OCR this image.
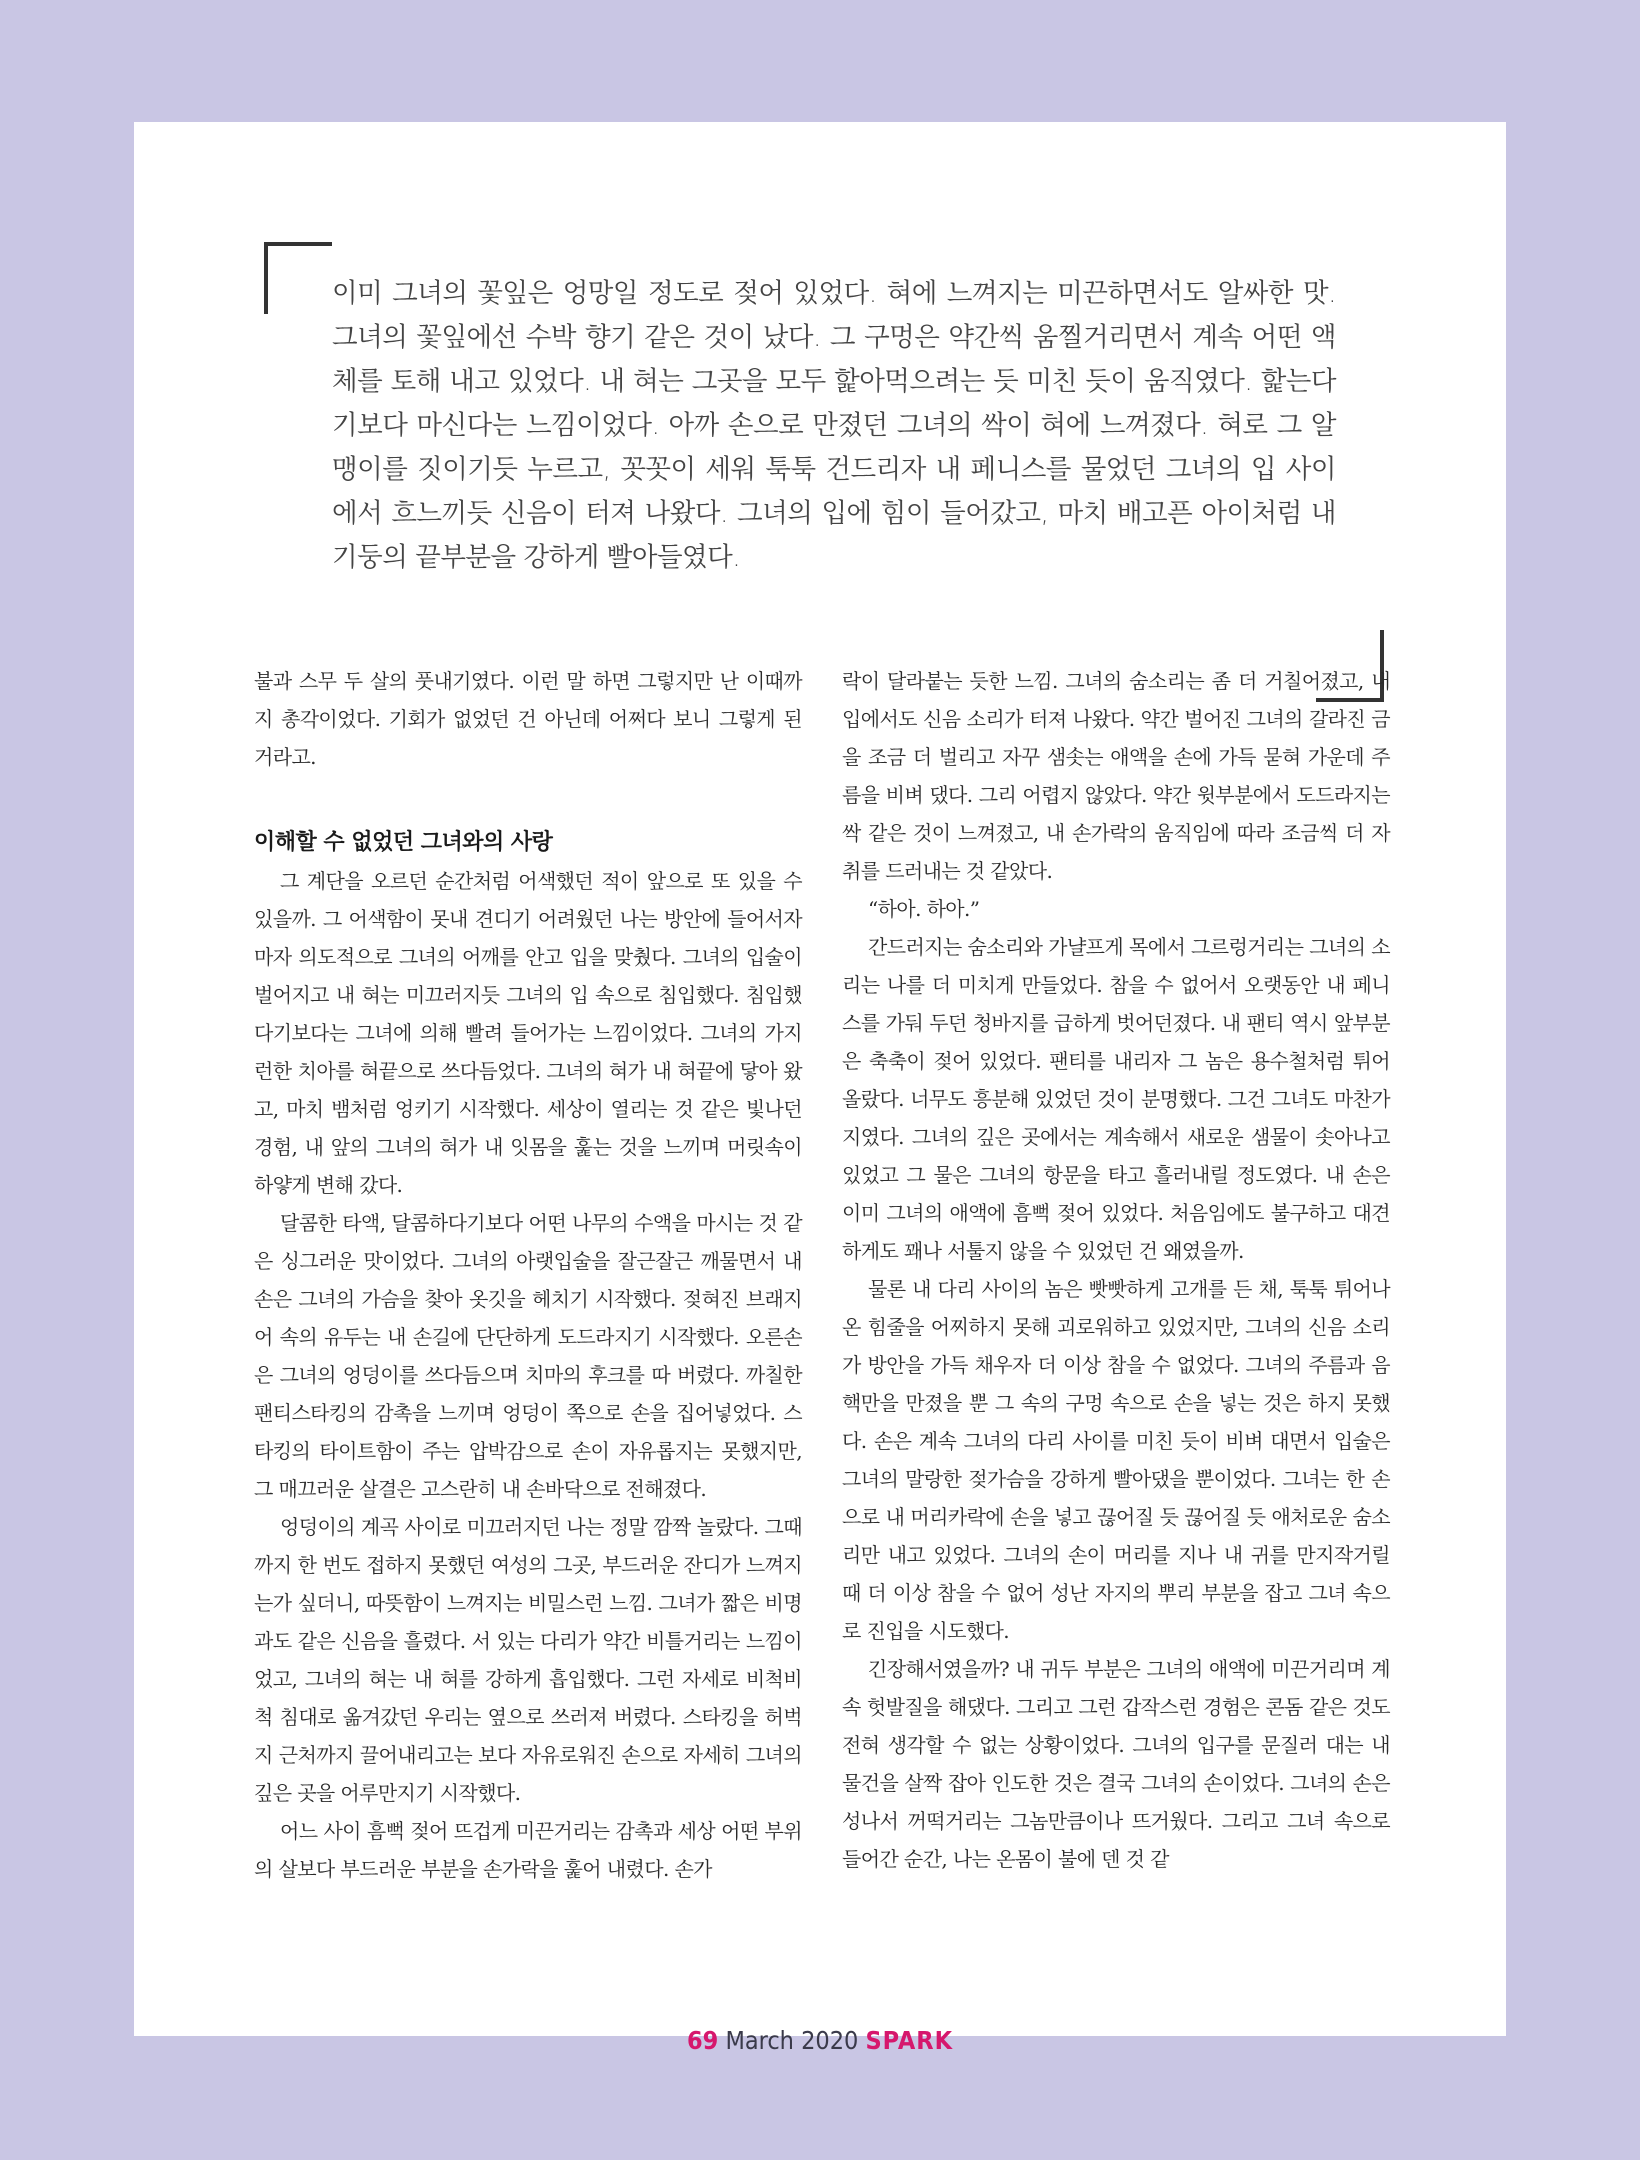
이미 그녀의 꽃잎은 엉망일 정도로 젖어 있었다. 혀에 느껴지는 미끈하면서도 알싸한 맛. 그녀의 꽃잎에선 수박 향기 같은 것이 났다. 그 구멍은 약간씩 움찔거리면서 계속 어떤 액체를 토해 내고 있었다. 내 혀는 그곳을 모두 핥아먹으려는 듯 미친 듯이 움직였다. 핥는다기보다 마신다는 느낌이었다. 아까 손으로 만졌던 그녀의 싹이 혀에 느껴졌다. 혀로 그 알맹이를 짓이기듯 누르고, 꼿꼿이 세워 툭툭 건드리자 내 페니스를 물었던 그녀의 입 사이에서 흐느끼듯 신음이 터져 나왔다. 그녀의 입에 힘이 들어갔고, 마치 배고픈 아이처럼 내 기둥의 끝부분을 강하게 빨아들였다.

불과 스무 두 살의 풋내기였다. 이런 말 하면 그렇지만 난 이때까지 총각이었다. 기회가 없었던 건 아닌데 어쩌다 보니 그렇게 된 거라고.

이해할 수 없었던 그녀와의 사랑

그 계단을 오르던 순간처럼 어색했던 적이 앞으로 또 있을 수 있을까. 그 어색함이 못내 견디기 어려웠던 나는 방안에 들어서자마자 의도적으로 그녀의 어깨를 안고 입을 맞췄다. 그녀의 입술이 벌어지고 내 혀는 미끄러지듯 그녀의 입 속으로 침입했다. 침입했다기보다는 그녀에 의해 빨려 들어가는 느낌이었다. 그녀의 가지런한 치아를 혀끝으로 쓰다듬었다. 그녀의 혀가 내 혀끝에 닿아 왔고, 마치 뱀처럼 엉키기 시작했다. 세상이 열리는 것 같은 빛나던 경험, 내 앞의 그녀의 혀가 내 잇몸을 훑는 것을 느끼며 머릿속이 하얗게 변해 갔다.

달콤한 타액, 달콤하다기보다 어떤 나무의 수액을 마시는 것 같은 싱그러운 맛이었다. 그녀의 아랫입술을 잘근잘근 깨물면서 내 손은 그녀의 가슴을 찾아 옷깃을 헤치기 시작했다. 젖혀진 브래지어 속의 유두는 내 손길에 단단하게 도드라지기 시작했다. 오른손은 그녀의 엉덩이를 쓰다듬으며 치마의 후크를 따 버렸다. 까칠한 팬티스타킹의 감촉을 느끼며 엉덩이 쪽으로 손을 집어넣었다. 스타킹의 타이트함이 주는 압박감으로 손이 자유롭지는 못했지만, 그 매끄러운 살결은 고스란히 내 손바닥으로 전해졌다.

엉덩이의 계곡 사이로 미끄러지던 나는 정말 깜짝 놀랐다. 그때까지 한 번도 접하지 못했던 여성의 그곳, 부드러운 잔디가 느껴지는가 싶더니, 따뜻함이 느껴지는 비밀스런 느낌. 그녀가 짧은 비명과도 같은 신음을 흘렸다. 서 있는 다리가 약간 비틀거리는 느낌이었고, 그녀의 혀는 내 혀를 강하게 흡입했다. 그런 자세로 비척비척 침대로 옮겨갔던 우리는 옆으로 쓰러져 버렸다. 스타킹을 허벅지 근처까지 끌어내리고는 보다 자유로워진 손으로 자세히 그녀의 깊은 곳을 어루만지기 시작했다.

어느 사이 흠뻑 젖어 뜨겁게 미끈거리는 감촉과 세상 어떤 부위의 살보다 부드러운 부분을 손가락을 훑어 내렸다. 손가

락이 달라붙는 듯한 느낌. 그녀의 숨소리는 좀 더 거칠어졌고, 내 입에서도 신음 소리가 터져 나왔다. 약간 벌어진 그녀의 갈라진 금을 조금 더 벌리고 자꾸 샘솟는 애액을 손에 가득 묻혀 가운데 주름을 비벼 댔다. 그리 어렵지 않았다. 약간 윗부분에서 도드라지는 싹 같은 것이 느껴졌고, 내 손가락의 움직임에 따라 조금씩 더 자취를 드러내는 것 같았다.

“하아. 하아.”

간드러지는 숨소리와 가냘프게 목에서 그르렁거리는 그녀의 소리는 나를 더 미치게 만들었다. 참을 수 없어서 오랫동안 내 페니스를 가둬 두던 청바지를 급하게 벗어던졌다. 내 팬티 역시 앞부분은 축축이 젖어 있었다. 팬티를 내리자 그 놈은 용수철처럼 튀어 올랐다. 너무도 흥분해 있었던 것이 분명했다. 그건 그녀도 마찬가지였다. 그녀의 깊은 곳에서는 계속해서 새로운 샘물이 솟아나고 있었고 그 물은 그녀의 항문을 타고 흘러내릴 정도였다. 내 손은 이미 그녀의 애액에 흠뻑 젖어 있었다. 처음임에도 불구하고 대견하게도 꽤나 서툴지 않을 수 있었던 건 왜였을까.

물론 내 다리 사이의 놈은 빳빳하게 고개를 든 채, 툭툭 튀어나온 힘줄을 어찌하지 못해 괴로워하고 있었지만, 그녀의 신음 소리가 방안을 가득 채우자 더 이상 참을 수 없었다. 그녀의 주름과 음핵만을 만졌을 뿐 그 속의 구멍 속으로 손을 넣는 것은 하지 못했다. 손은 계속 그녀의 다리 사이를 미친 듯이 비벼 대면서 입술은 그녀의 말랑한 젖가슴을 강하게 빨아댔을 뿐이었다. 그녀는 한 손으로 내 머리카락에 손을 넣고 끊어질 듯 끊어질 듯 애처로운 숨소리만 내고 있었다. 그녀의 손이 머리를 지나 내 귀를 만지작거릴 때 더 이상 참을 수 없어 성난 자지의 뿌리 부분을 잡고 그녀 속으로 진입을 시도했다.

긴장해서였을까? 내 귀두 부분은 그녀의 애액에 미끈거리며 계속 헛발질을 해댔다. 그리고 그런 갑작스런 경험은 콘돔 같은 것도 전혀 생각할 수 없는 상황이었다. 그녀의 입구를 문질러 대는 내 물건을 살짝 잡아 인도한 것은 결국 그녀의 손이었다. 그녀의 손은 성나서 꺼떡거리는 그놈만큼이나 뜨거웠다. 그리고 그녀 속으로 들어간 순간, 나는 온몸이 불에 덴 것 같

69 March 2020 SPARK
